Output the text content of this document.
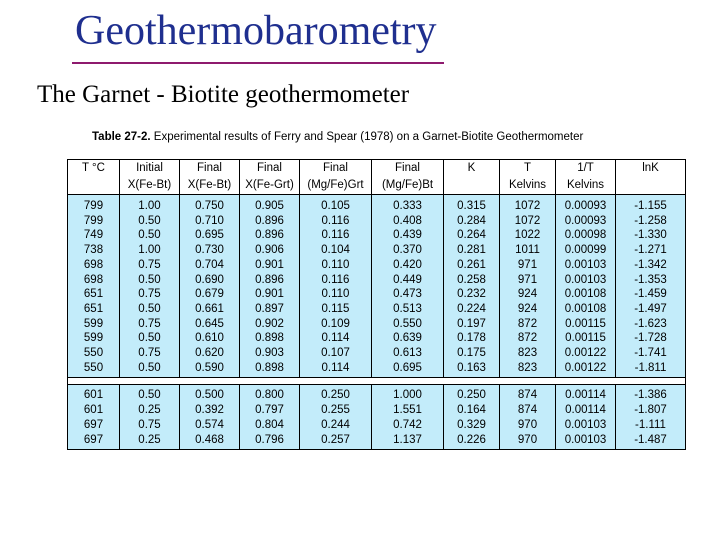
Geothermobarometry
The Garnet - Biotite geothermometer

Table 27-2. Experimental results of Ferry and Spear (1978) on a Garnet-Biotite Geothermometer

T °C	Initial	Final	Final	Final	Final	K	T	1/T	lnK
	X(Fe-Bt)	X(Fe-Bt)	X(Fe-Grt)	(Mg/Fe)Grt	(Mg/Fe)Bt		Kelvins	Kelvins	
799	1.00	0.750	0.905	0.105	0.333	0.315	1072	0.00093	-1.155
799	0.50	0.710	0.896	0.116	0.408	0.284	1072	0.00093	-1.258
749	0.50	0.695	0.896	0.116	0.439	0.264	1022	0.00098	-1.330
738	1.00	0.730	0.906	0.104	0.370	0.281	1011	0.00099	-1.271
698	0.75	0.704	0.901	0.110	0.420	0.261	971	0.00103	-1.342
698	0.50	0.690	0.896	0.116	0.449	0.258	971	0.00103	-1.353
651	0.75	0.679	0.901	0.110	0.473	0.232	924	0.00108	-1.459
651	0.50	0.661	0.897	0.115	0.513	0.224	924	0.00108	-1.497
599	0.75	0.645	0.902	0.109	0.550	0.197	872	0.00115	-1.623
599	0.50	0.610	0.898	0.114	0.639	0.178	872	0.00115	-1.728
550	0.75	0.620	0.903	0.107	0.613	0.175	823	0.00122	-1.741
550	0.50	0.590	0.898	0.114	0.695	0.163	823	0.00122	-1.811

601	0.50	0.500	0.800	0.250	1.000	0.250	874	0.00114	-1.386
601	0.25	0.392	0.797	0.255	1.551	0.164	874	0.00114	-1.807
697	0.75	0.574	0.804	0.244	0.742	0.329	970	0.00103	-1.111
697	0.25	0.468	0.796	0.257	1.137	0.226	970	0.00103	-1.487
